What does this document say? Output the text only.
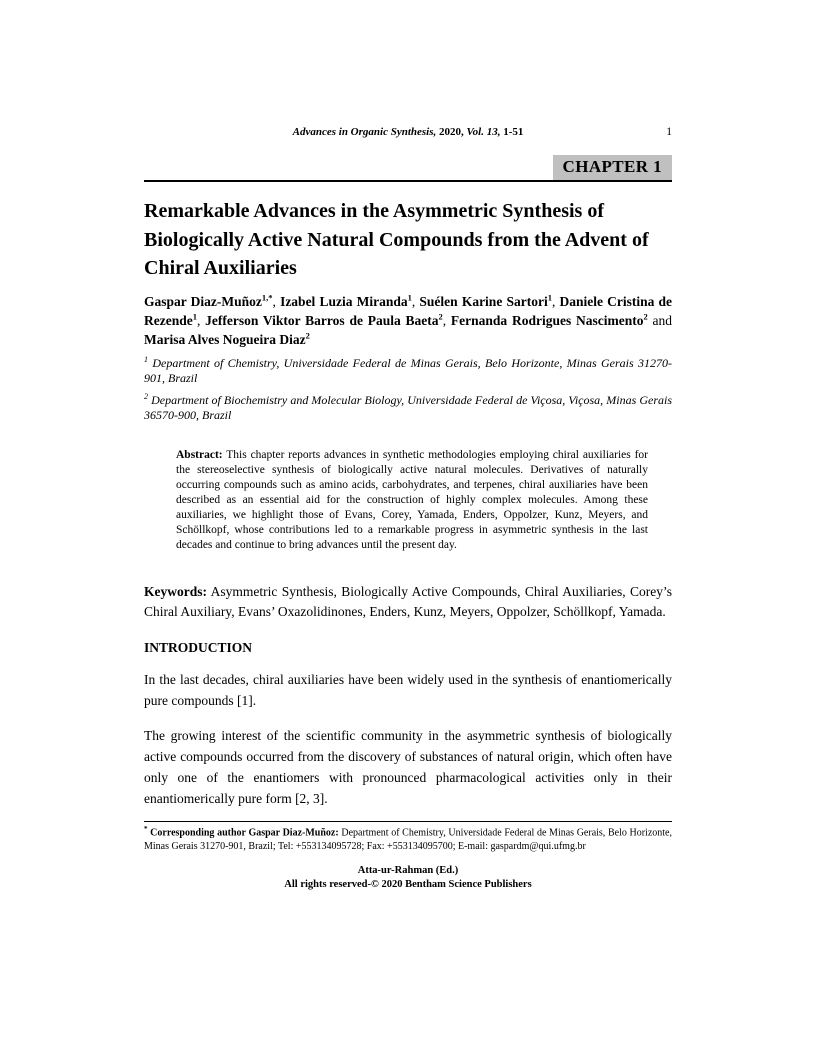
Advances in Organic Synthesis, 2020, Vol. 13, 1-51	1
CHAPTER 1
Remarkable Advances in the Asymmetric Synthesis of Biologically Active Natural Compounds from the Advent of Chiral Auxiliaries

Gaspar Diaz-Muñoz$^{1,*}$, Izabel Luzia Miranda$^1$, Suélen Karine Sartori$^1$, Daniele Cristina de Rezende$^1$, Jefferson Viktor Barros de Paula Baeta$^2$, Fernanda Rodrigues Nascimento$^2$ and Marisa Alves Nogueira Diaz$^2$

$^1$ Department of Chemistry, Universidade Federal de Minas Gerais, Belo Horizonte, Minas Gerais 31270-901, Brazil

$^2$ Department of Biochemistry and Molecular Biology, Universidade Federal de Viçosa, Viçosa, Minas Gerais 36570-900, Brazil

Abstract: This chapter reports advances in synthetic methodologies employing chiral auxiliaries for the stereoselective synthesis of biologically active natural molecules. Derivatives of naturally occurring compounds such as amino acids, carbohydrates, and terpenes, chiral auxiliaries have been described as an essential aid for the construction of highly complex molecules. Among these auxiliaries, we highlight those of Evans, Corey, Yamada, Enders, Oppolzer, Kunz, Meyers, and Schöllkopf, whose contributions led to a remarkable progress in asymmetric synthesis in the last decades and continue to bring advances until the present day.

Keywords: Asymmetric Synthesis, Biologically Active Compounds, Chiral Auxiliaries, Corey’s Chiral Auxiliary, Evans’ Oxazolidinones, Enders, Kunz, Meyers, Oppolzer, Schöllkopf, Yamada.

INTRODUCTION

In the last decades, chiral auxiliaries have been widely used in the synthesis of enantiomerically pure compounds [1].

The growing interest of the scientific community in the asymmetric synthesis of biologically active compounds occurred from the discovery of substances of natural origin, which often have only one of the enantiomers with pronounced pharmacological activities only in their enantiomerically pure form [2, 3].

* Corresponding author Gaspar Diaz-Muñoz: Department of Chemistry, Universidade Federal de Minas Gerais, Belo Horizonte, Minas Gerais 31270-901, Brazil; Tel: +553134095728; Fax: +553134095700; E-mail: gaspardm@qui.ufmg.br

Atta-ur-Rahman (Ed.)
All rights reserved-© 2020 Bentham Science Publishers
